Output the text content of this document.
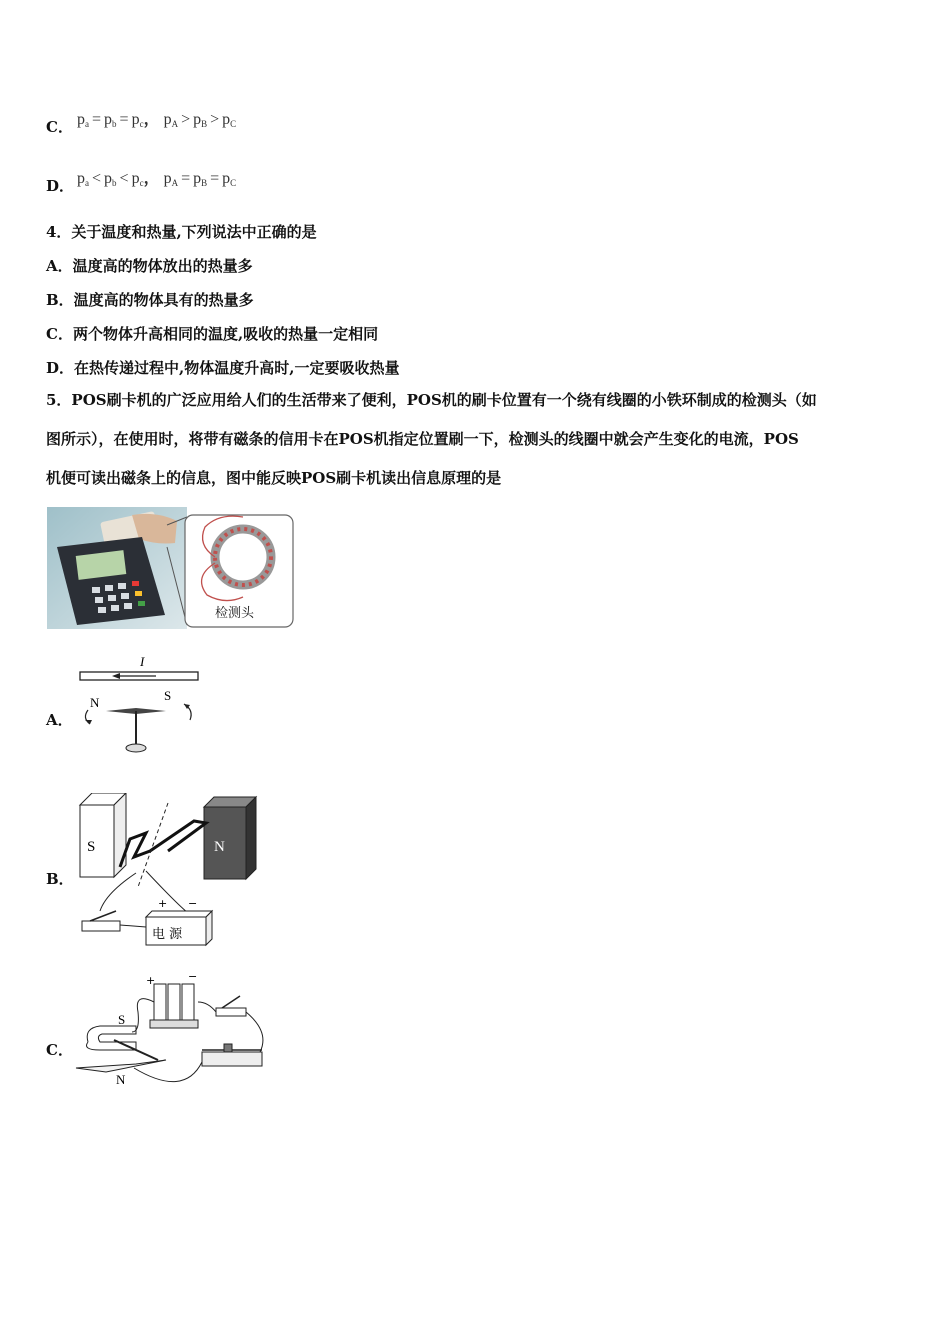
C． $p_a = p_b = p_c$， $p_A > p_B > p_C$
D． $p_a < p_b < p_c$， $p_A = p_B = p_C$
4．关于温度和热量,下列说法中正确的是
A．温度高的物体放出的热量多
B．温度高的物体具有的热量多
C．两个物体升高相同的温度,吸收的热量一定相同
D．在热传递过程中,物体温度升高时,一定要吸收热量
5．POS刷卡机的广泛应用给人们的生活带来了便利，POS机的刷卡位置有一个绕有线圈的小铁环制成的检测头（如
图所示），在使用时，将带有磁条的信用卡在POS机指定位置刷一下，检测头的线圈中就会产生变化的电流，POS
机便可读出磁条上的信息，图中能反映POS刷卡机读出信息原理的是
检测头
A．
I
N	S
B．
S	N
+ −
电 源
C．
+	−
S
N
